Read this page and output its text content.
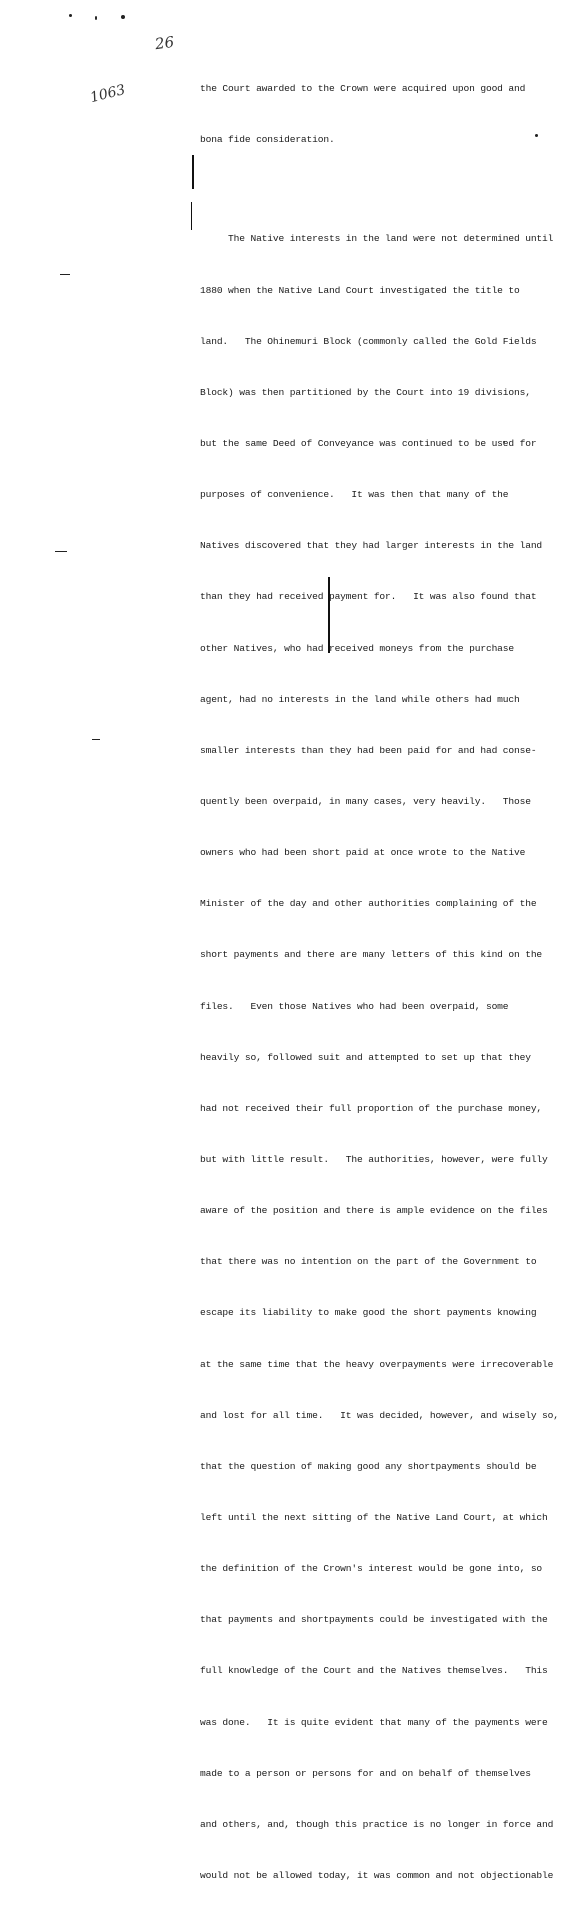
26
1063

	the Court awarded to the Crown were acquired upon good and

bona fide consideration.

The Native interests in the land were not determined until

1880 when the Native Land Court investigated the title to

land.   The Ohinemuri Block (commonly called the Gold Fields

Block) was then partitioned by the Court into 19 divisions,

but the same Deed of Conveyance was continued to be used for

purposes of convenience.   It was then that many of the

Natives discovered that they had larger interests in the land

than they had received payment for.   It was also found that

other Natives, who had received moneys from the purchase

agent, had no interests in the land while others had much

smaller interests than they had been paid for and had conse-

quently been overpaid, in many cases, very heavily.   Those

owners who had been short paid at once wrote to the Native

Minister of the day and other authorities complaining of the

short payments and there are many letters of this kind on the

files.   Even those Natives who had been overpaid, some

heavily so, followed suit and attempted to set up that they

had not received their full proportion of the purchase money,

but with little result.   The authorities, however, were fully

aware of the position and there is ample evidence on the files

that there was no intention on the part of the Government to

escape its liability to make good the short payments knowing

at the same time that the heavy overpayments were irrecoverable

and lost for all time.   It was decided, however, and wisely so,

that the question of making good any shortpayments should be

left until the next sitting of the Native Land Court, at which

the definition of the Crown's interest would be gone into, so

that payments and shortpayments could be investigated with the

full knowledge of the Court and the Natives themselves.   This

was done.   It is quite evident that many of the payments were

made to a person or persons for and on behalf of themselves

and others, and, though this practice is no longer in force and

would not be allowed today, it was common and not objectionable
